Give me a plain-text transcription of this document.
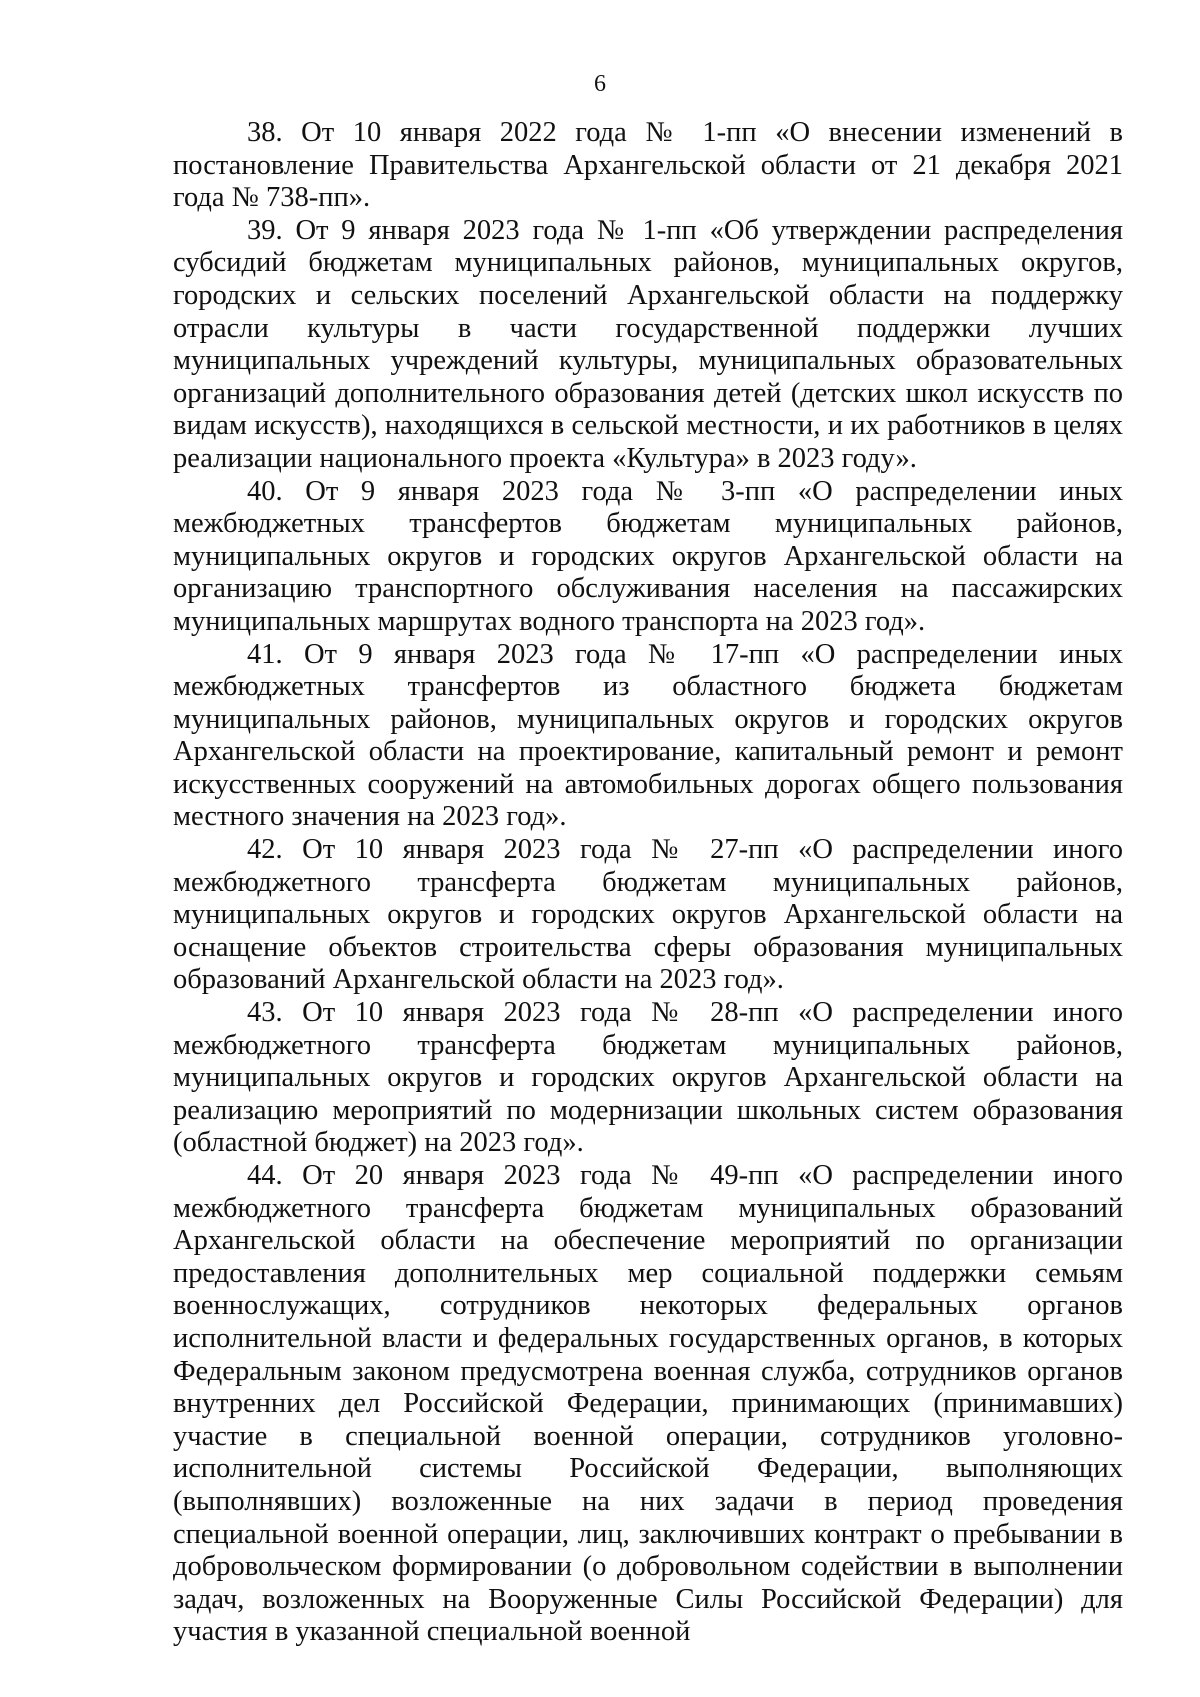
6

38. От 10 января 2022 года № 1-пп «О внесении изменений в постановление Правительства Архангельской области от 21 декабря 2021 года № 738-пп».

39. От 9 января 2023 года № 1-пп «Об утверждении распределения субсидий бюджетам муниципальных районов, муниципальных округов, городских и сельских поселений Архангельской области на поддержку отрасли культуры в части государственной поддержки лучших муниципальных учреждений культуры, муниципальных образовательных организаций дополнительного образования детей (детских школ искусств по видам искусств), находящихся в сельской местности, и их работников в целях реализации национального проекта «Культура» в 2023 году».

40. От 9 января 2023 года № 3-пп «О распределении иных межбюджетных трансфертов бюджетам муниципальных районов, муниципальных округов и городских округов Архангельской области на организацию транспортного обслуживания населения на пассажирских муниципальных маршрутах водного транспорта на 2023 год».

41. От 9 января 2023 года № 17-пп «О распределении иных межбюджетных трансфертов из областного бюджета бюджетам муниципальных районов, муниципальных округов и городских округов Архангельской области на проектирование, капитальный ремонт и ремонт искусственных сооружений на автомобильных дорогах общего пользования местного значения на 2023 год».

42. От 10 января 2023 года № 27-пп «О распределении иного межбюджетного трансферта бюджетам муниципальных районов, муниципальных округов и городских округов Архангельской области на оснащение объектов строительства сферы образования муниципальных образований Архангельской области на 2023 год».

43. От 10 января 2023 года № 28-пп «О распределении иного межбюджетного трансферта бюджетам муниципальных районов, муниципальных округов и городских округов Архангельской области на реализацию мероприятий по модернизации школьных систем образования (областной бюджет) на 2023 год».

44. От 20 января 2023 года № 49-пп «О распределении иного межбюджетного трансферта бюджетам муниципальных образований Архангельской области на обеспечение мероприятий по организации предоставления дополнительных мер социальной поддержки семьям военнослужащих, сотрудников некоторых федеральных органов исполнительной власти и федеральных государственных органов, в которых Федеральным законом предусмотрена военная служба, сотрудников органов внутренних дел Российской Федерации, принимающих (принимавших) участие в специальной военной операции, сотрудников уголовно-исполнительной системы Российской Федерации, выполняющих (выполнявших) возложенные на них задачи в период проведения специальной военной операции, лиц, заключивших контракт о пребывании в добровольческом формировании (о добровольном содействии в выполнении задач, возложенных на Вооруженные Силы Российской Федерации) для участия в указанной специальной военной
